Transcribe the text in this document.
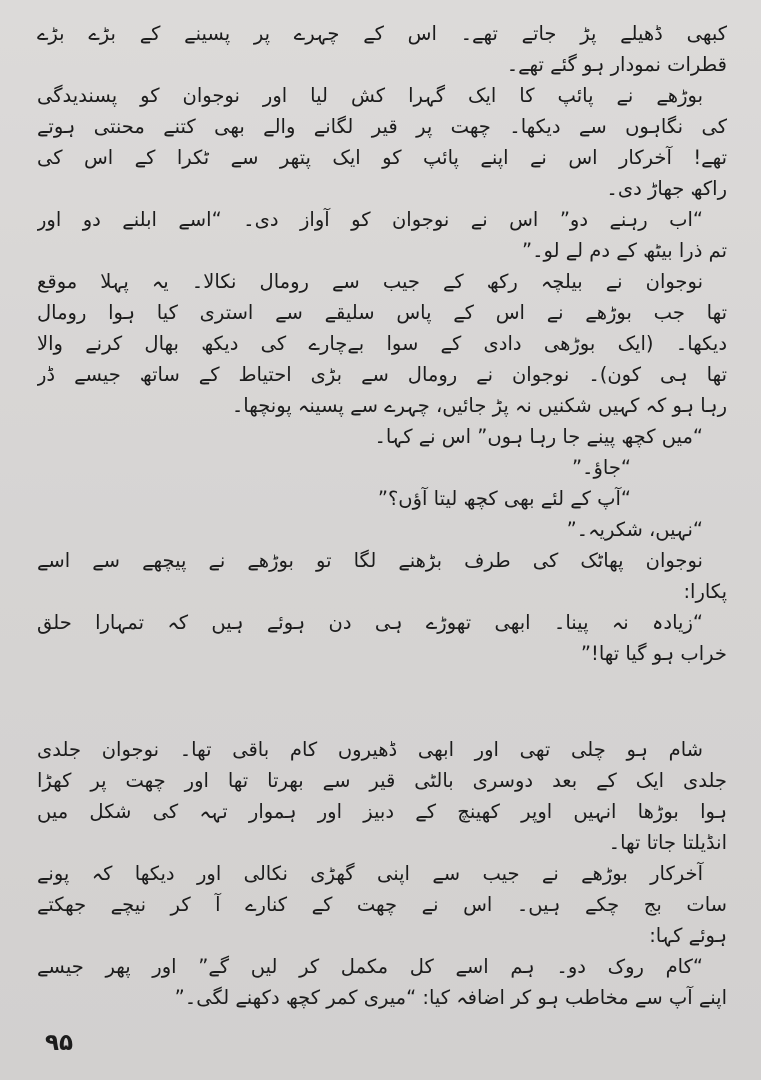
کبھی ڈھیلے پڑ جاتے تھے۔ اس کے چہرے پر پسینے کے بڑے بڑے
قطرات نمودار ہو گئے تھے۔

بوڑھے نے پائپ کا ایک گہرا کش لیا اور نوجوان کو پسندیدگی
کی نگاہوں سے دیکھا۔ چھت پر قیر لگانے والے بھی کتنے محنتی ہوتے
تھے! آخرکار اس نے اپنے پائپ کو ایک پتھر سے ٹکرا کے اس کی
راکھ جھاڑ دی۔

“اب رہنے دو” اس نے نوجوان کو آواز دی۔ “اسے ابلنے دو اور
تم ذرا بیٹھ کے دم لے لو۔”

نوجوان نے بیلچہ رکھ کے جیب سے رومال نکالا۔ یہ پہلا موقع
تھا جب بوڑھے نے اس کے پاس سلیقے سے استری کیا ہوا رومال
دیکھا۔ (ایک بوڑھی دادی کے سوا بےچارے کی دیکھ بھال کرنے والا
تھا ہی کون)۔ نوجوان نے رومال سے بڑی احتیاط کے ساتھ جیسے ڈر
رہا ہو کہ کہیں شکنیں نہ پڑ جائیں، چہرے سے پسینہ پونچھا۔

“میں کچھ پینے جا رہا ہوں” اس نے کہا۔

“جاؤ۔”

“آپ کے لئے بھی کچھ لیتا آؤں؟”

“نہیں، شکریہ۔”

نوجوان پھاٹک کی طرف بڑھنے لگا تو بوڑھے نے پیچھے سے اسے
پکارا:

“زیادہ نہ پینا۔ ابھی تھوڑے ہی دن ہوئے ہیں کہ تمہارا حلق
خراب ہو گیا تھا!”

شام ہو چلی تھی اور ابھی ڈھیروں کام باقی تھا۔ نوجوان جلدی
جلدی ایک کے بعد دوسری بالٹی قیر سے بھرتا تھا اور چھت پر کھڑا
ہوا بوڑھا انہیں اوپر کھینچ کے دبیز اور ہموار تہہ کی شکل میں
انڈیلتا جاتا تھا۔

آخرکار بوڑھے نے جیب سے اپنی گھڑی نکالی اور دیکھا کہ پونے
سات بج چکے ہیں۔ اس نے چھت کے کنارے آ کر نیچے جھکتے
ہوئے کہا:

“کام روک دو۔ ہم اسے کل مکمل کر لیں گے” اور پھر جیسے
اپنے آپ سے مخاطب ہو کر اضافہ کیا: “میری کمر کچھ دکھنے لگی۔”

۹۵
